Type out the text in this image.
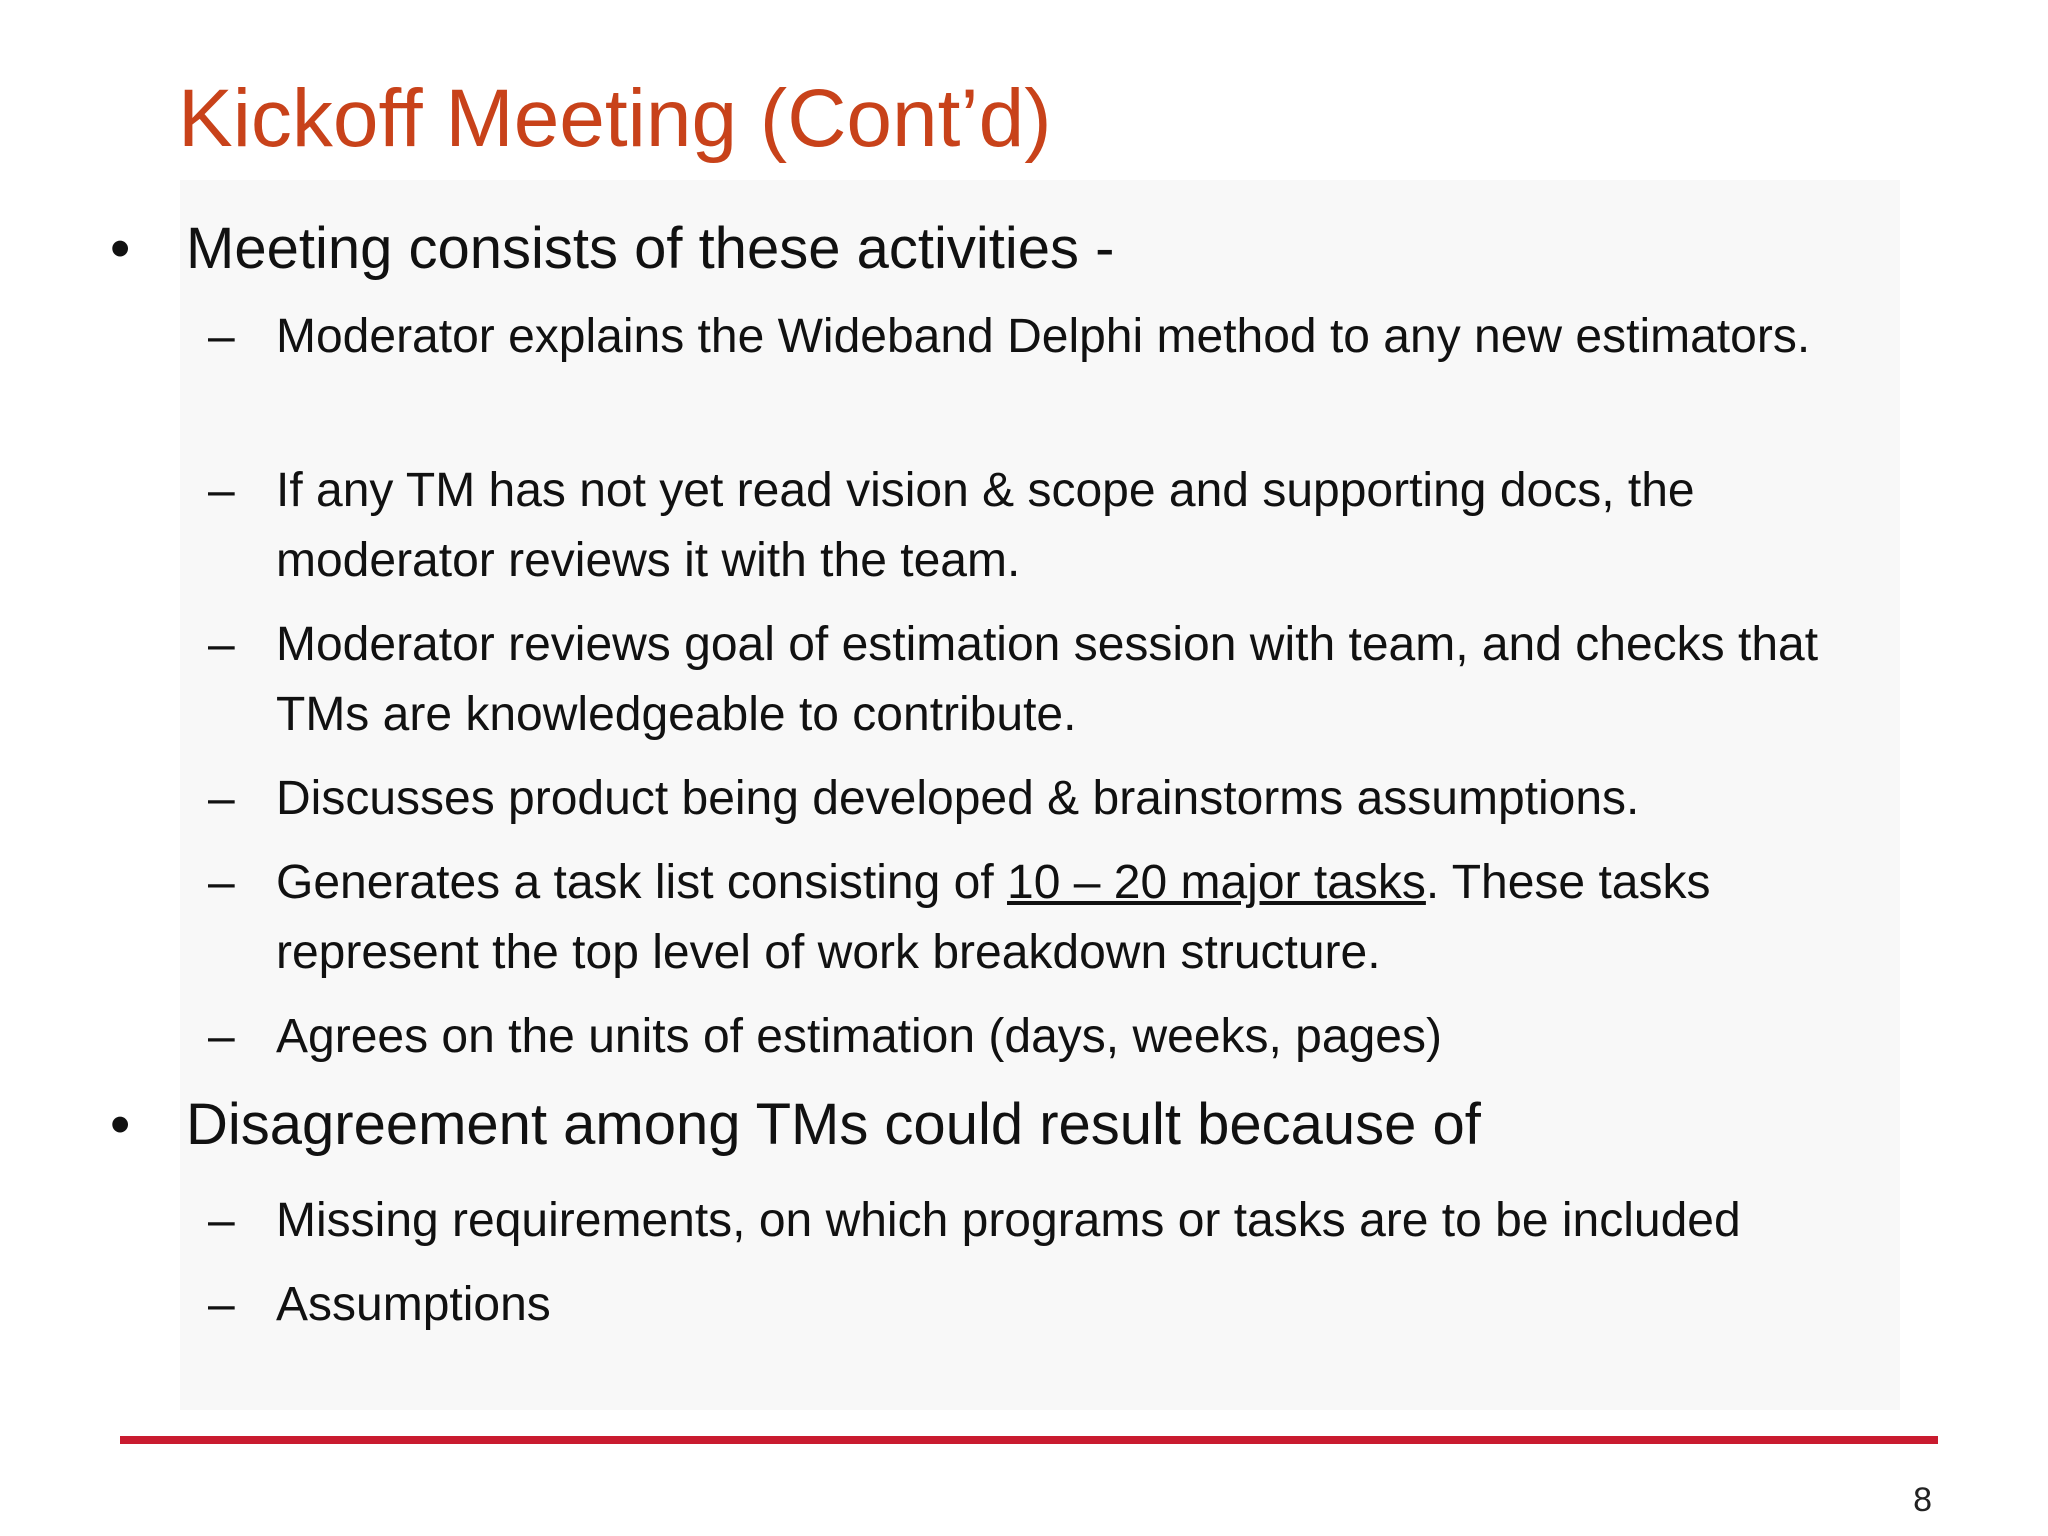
Kickoff Meeting (Cont’d)
• Meeting consists of these activities -
– Moderator explains the Wideband Delphi method to any new estimators.
– If any TM has not yet read vision & scope and supporting docs, the moderator reviews it with the team.
– Moderator reviews goal of estimation session with team, and checks that TMs are knowledgeable to contribute.
– Discusses product being developed & brainstorms assumptions.
– Generates a task list consisting of 10 – 20 major tasks. These tasks represent the top level of work breakdown structure.
– Agrees on the units of estimation (days, weeks, pages)
• Disagreement among TMs could result because of
– Missing requirements, on which programs or tasks are to be included
– Assumptions
8
